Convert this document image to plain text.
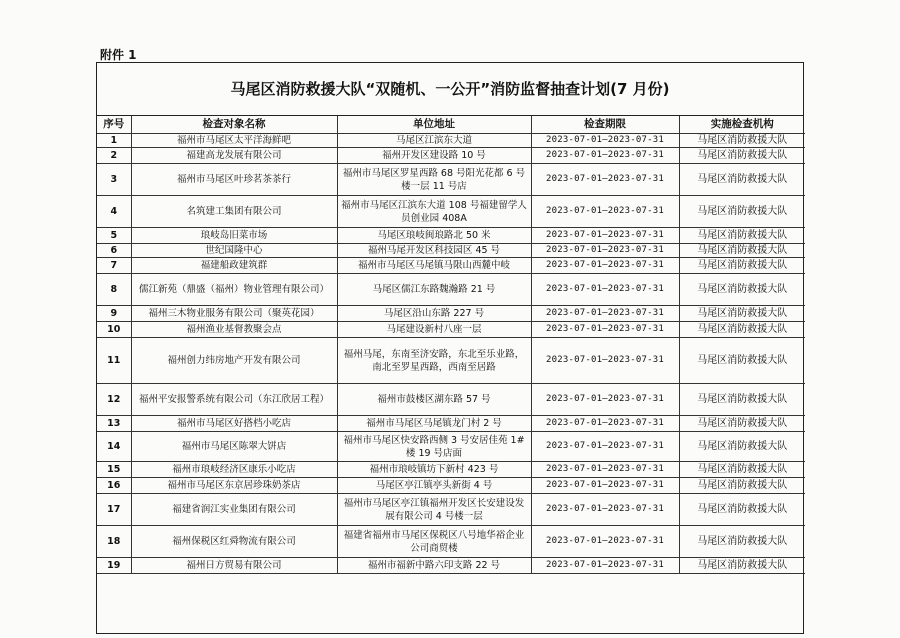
附件 1
马尾区消防救援大队“双随机、一公开”消防监督抽查计划(7 月份)
序号	检查对象名称	单位地址	检查期限	实施检查机构
1	福州市马尾区太平洋海鲜吧	马尾区江滨东大道	2023-07-01—2023-07-31	马尾区消防救援大队
2	福建高龙发展有限公司	福州开发区建设路 10 号	2023-07-01—2023-07-31	马尾区消防救援大队
3	福州市马尾区叶珍茗茶茶行	福州市马尾区罗星西路 68 号阳光花都 6 号楼一层 11 号店	2023-07-01—2023-07-31	马尾区消防救援大队
4	名筑建工集团有限公司	福州市马尾区江滨东大道 108 号福建留学人员创业园 408A	2023-07-01—2023-07-31	马尾区消防救援大队
5	琅岐岛旧菜市场	马尾区琅岐闽琅路北 50 米	2023-07-01—2023-07-31	马尾区消防救援大队
6	世纪国隆中心	福州马尾开发区科技园区 45 号	2023-07-01—2023-07-31	马尾区消防救援大队
7	福建船政建筑群	福州市马尾区马尾镇马限山西麓中岐	2023-07-01—2023-07-31	马尾区消防救援大队
8	儒江新苑（鼎盛（福州）物业管理有限公司）	马尾区儒江东路魏瀚路 21 号	2023-07-01—2023-07-31	马尾区消防救援大队
9	福州三木物业服务有限公司（聚英花园）	马尾区沿山东路 227 号	2023-07-01—2023-07-31	马尾区消防救援大队
10	福州渔业基督教聚会点	马尾建设新村八座一层	2023-07-01—2023-07-31	马尾区消防救援大队
11	福州创力纬房地产开发有限公司	福州马尾，东南至济安路，东北至乐业路，南北至罗星西路，西南至居路	2023-07-01—2023-07-31	马尾区消防救援大队
12	福州平安报警系统有限公司（东江欣居工程）	福州市鼓楼区湖东路 57 号	2023-07-01—2023-07-31	马尾区消防救援大队
13	福州市马尾区好搭档小吃店	福州市马尾区马尾镇龙门村 2 号	2023-07-01—2023-07-31	马尾区消防救援大队
14	福州市马尾区陈翠大饼店	福州市马尾区快安路西侧 3 号安居佳苑 1#楼 19 号店面	2023-07-01—2023-07-31	马尾区消防救援大队
15	福州市琅岐经济区康乐小吃店	福州市琅岐镇坊下新村 423 号	2023-07-01—2023-07-31	马尾区消防救援大队
16	福州市马尾区东京居珍珠奶茶店	马尾区亭江镇亭头新街 4 号	2023-07-01—2023-07-31	马尾区消防救援大队
17	福建省润江实业集团有限公司	福州市马尾区亭江镇福州开发区长安建设发展有限公司 4 号楼一层	2023-07-01—2023-07-31	马尾区消防救援大队
18	福州保税区红舜物流有限公司	福建省福州市马尾区保税区八号地华裕企业公司商贸楼	2023-07-01—2023-07-31	马尾区消防救援大队
19	福州日方贸易有限公司	福州市福新中路六印支路 22 号	2023-07-01—2023-07-31	马尾区消防救援大队
